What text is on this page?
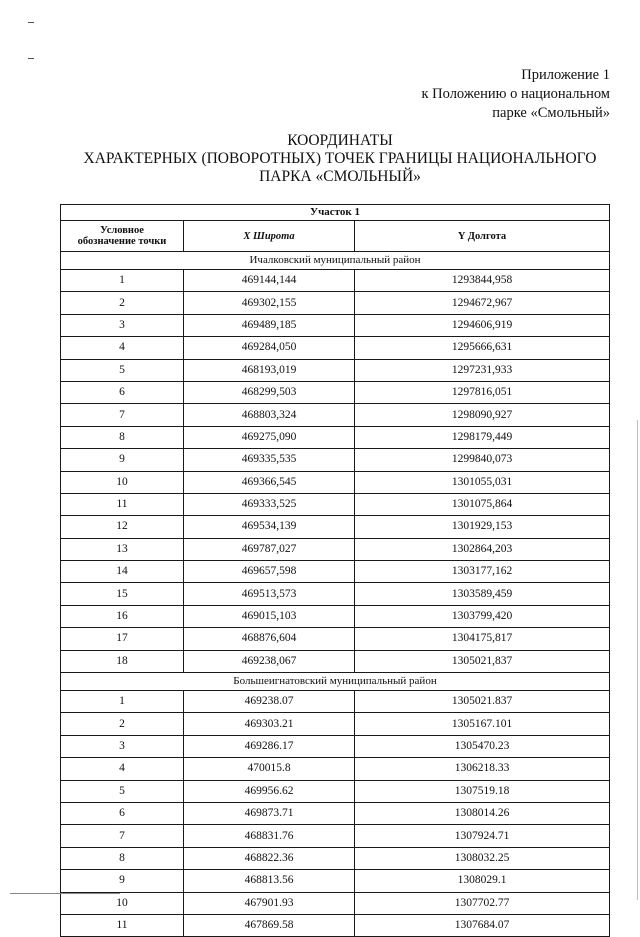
Приложение 1
к Положению о национальном
парке «Смольный»
КООРДИНАТЫ
ХАРАКТЕРНЫХ (ПОВОРОТНЫХ) ТОЧЕК ГРАНИЦЫ НАЦИОНАЛЬНОГО
ПАРКА «СМОЛЬНЫЙ»
Участок 1		

Условное
обозначение точки	X Широта	Y Долгота
Ичалковский муниципальный район		
1	469144,144	1293844,958
2	469302,155	1294672,967
3	469489,185	1294606,919
4	469284,050	1295666,631
5	468193,019	1297231,933
6	468299,503	1297816,051
7	468803,324	1298090,927
8	469275,090	1298179,449
9	469335,535	1299840,073
10	469366,545	1301055,031
11	469333,525	1301075,864
12	469534,139	1301929,153
13	469787,027	1302864,203
14	469657,598	1303177,162
15	469513,573	1303589,459
16	469015,103	1303799,420
17	468876,604	1304175,817
18	469238,067	1305021,837
Большеигнатовский муниципальный район		
1	469238.07	1305021.837
2	469303.21	1305167.101
3	469286.17	1305470.23
4	470015.8	1306218.33
5	469956.62	1307519.18
6	469873.71	1308014.26
7	468831.76	1307924.71
8	468822.36	1308032.25
9	468813.56	1308029.1
10	467901.93	1307702.77
11	467869.58	1307684.07
